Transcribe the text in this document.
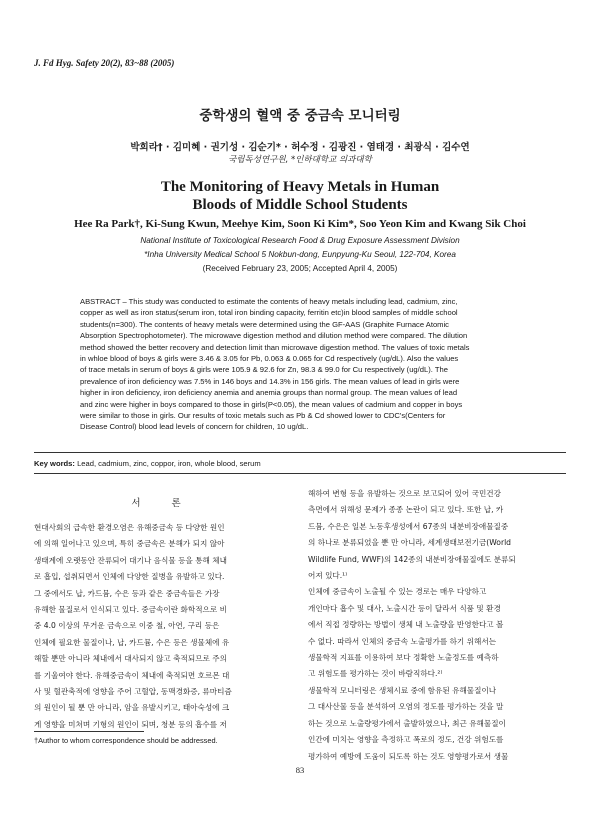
J. Fd Hyg. Safety 20(2), 83~88 (2005)
중학생의 혈액 중 중금속 모니터링
박희라† · 김미혜 · 권기성 · 김순기* · 허수정 · 김광진 · 염태경 · 최광식 · 김수연
국립독성연구원, *인하대학교 의과대학
The Monitoring of Heavy Metals in Human
Bloods of Middle School Students
Hee Ra Park†, Ki-Sung Kwun, Meehye Kim, Soon Ki Kim*, Soo Yeon Kim and Kwang Sik Choi
National Institute of Toxicological Research Food & Drug Exposure Assessment Division
*Inha University Medical School 5 Nokbun-dong, Eunpyung-Ku Seoul, 122-704, Korea
(Received February 23, 2005; Accepted April 4, 2005)
ABSTRACT – This study was conducted to estimate the contents of heavy metals including lead, cadmium, zinc,
copper as well as iron status(serum iron, total iron binding capacity, ferritin etc)in blood samples of middle school
students(n=300). The contents of heavy metals were determined using the GF-AAS (Graphite Furnace Atomic
Absorption Spectrophotometer). The microwave digestion method and dilution method were compared. The dilution
method showed the better recovery and detection limit than microwave digestion method. The values of toxic metals
in whloe blood of boys & girls were 3.46 & 3.05 for Pb, 0.063 & 0.065 for Cd respectively (ug/dL). Also the values
of trace metals in serum of boys & girls were 105.9 & 92.6 for Zn, 98.3 & 99.0 for Cu respectively (ug/dL). The
prevalence of iron deficiency was 7.5% in 146 boys and 14.3% in 156 girls. The mean values of lead in girls were
higher in iron deficiency, iron deficiency anemia and anemia groups than normal group. The mean values of lead
and zinc were higher in boys compared to those in girls(P<0.05), the mean values of cadmium and copper in boys
were similar to those in girls. Our results of toxic metals such as Pb & Cd showed lower to CDC's(Centers for
Disease Control) blood lead levels of concern for children, 10 ug/dL.
Key words: Lead, cadmium, zinc, coppor, iron, whole blood, serum
서 론
현대사회의 급속한 환경오염은 유해중금속 등 다양한 원인
에 의해 일어나고 있으며, 특히 중금속은 분해가 되지 않아
생태계에 오랫동안 잔류되어 대기나 음식물 등을 통해 체내
로 흡입, 섭취되면서 인체에 다양한 질병을 유발하고 있다.
그 중에서도 납, 카드뮴, 수은 등과 같은 중금속들은 가장
유해한 물질로서 인식되고 있다. 중금속이란 화학적으로 비
중 4.0 이상의 무거운 금속으로 이중 철, 아연, 구리 등은
인체에 필요한 물질이나, 납, 카드뮴, 수은 등은 생물체에 유
해할 뿐만 아니라 체내에서 대사되지 않고 축적되므로 주의
를 기울여야 한다. 유해중금속이 체내에 축적되면 호르몬 대
사 및 혈관축적에 영향을 주어 고혈압, 동맥경화증, 류마티즘
의 원인이 될 뿐 만 아니라, 암을 유발시키고, 태아숙성에 크
게 영향을 미쳐며 기형의 원인이 되며, 청분 등의 흡수를 저
해하여 변형 등을 유발하는 것으로 보고되어 있어 국민건강
측면에서 위해성 문제가 종종 논란이 되고 있다. 또한 납, 카
드뮴, 수은은 일본 노동후생성에서 67종의 내분비장애물질중
의 하나로 분류되었을 뿐 만 아니라, 세계생태보전기금(World
Wildlife Fund, WWF)의 142종의 내분비장애물질에도 분류되
어져 있다.¹⁾
인체에 중금속이 노출될 수 있는 경로는 매우 다양하고
개인마다 흡수 및 대사, 노출시간 등이 달라서 식품 및 환경
에서 직접 정량하는 방법이 생체 내 노출량을 반영한다고 볼
수 없다. 따라서 인체의 중금속 노출평가를 하기 위해서는
생물학적 지표를 이용하여 보다 정확한 노출정도를 예측하
고 위험도를 평가하는 것이 바람직하다.²⁾
생물학적 모니터링은 생체시료 중에 함유된 유해물질이나
그 대사산물 등을 분석하여 오염의 정도를 평가하는 것을 말
하는 것으로 노출량평가에서 출발하였으나, 최근 유해물질이
인간에 미치는 영향을 측정하고 폭로의 정도, 건강 위험도를
평가하여 예방에 도움이 되도록 하는 것도 영향평가로서 생물
†Author to whom correspondence should be addressed.
83
